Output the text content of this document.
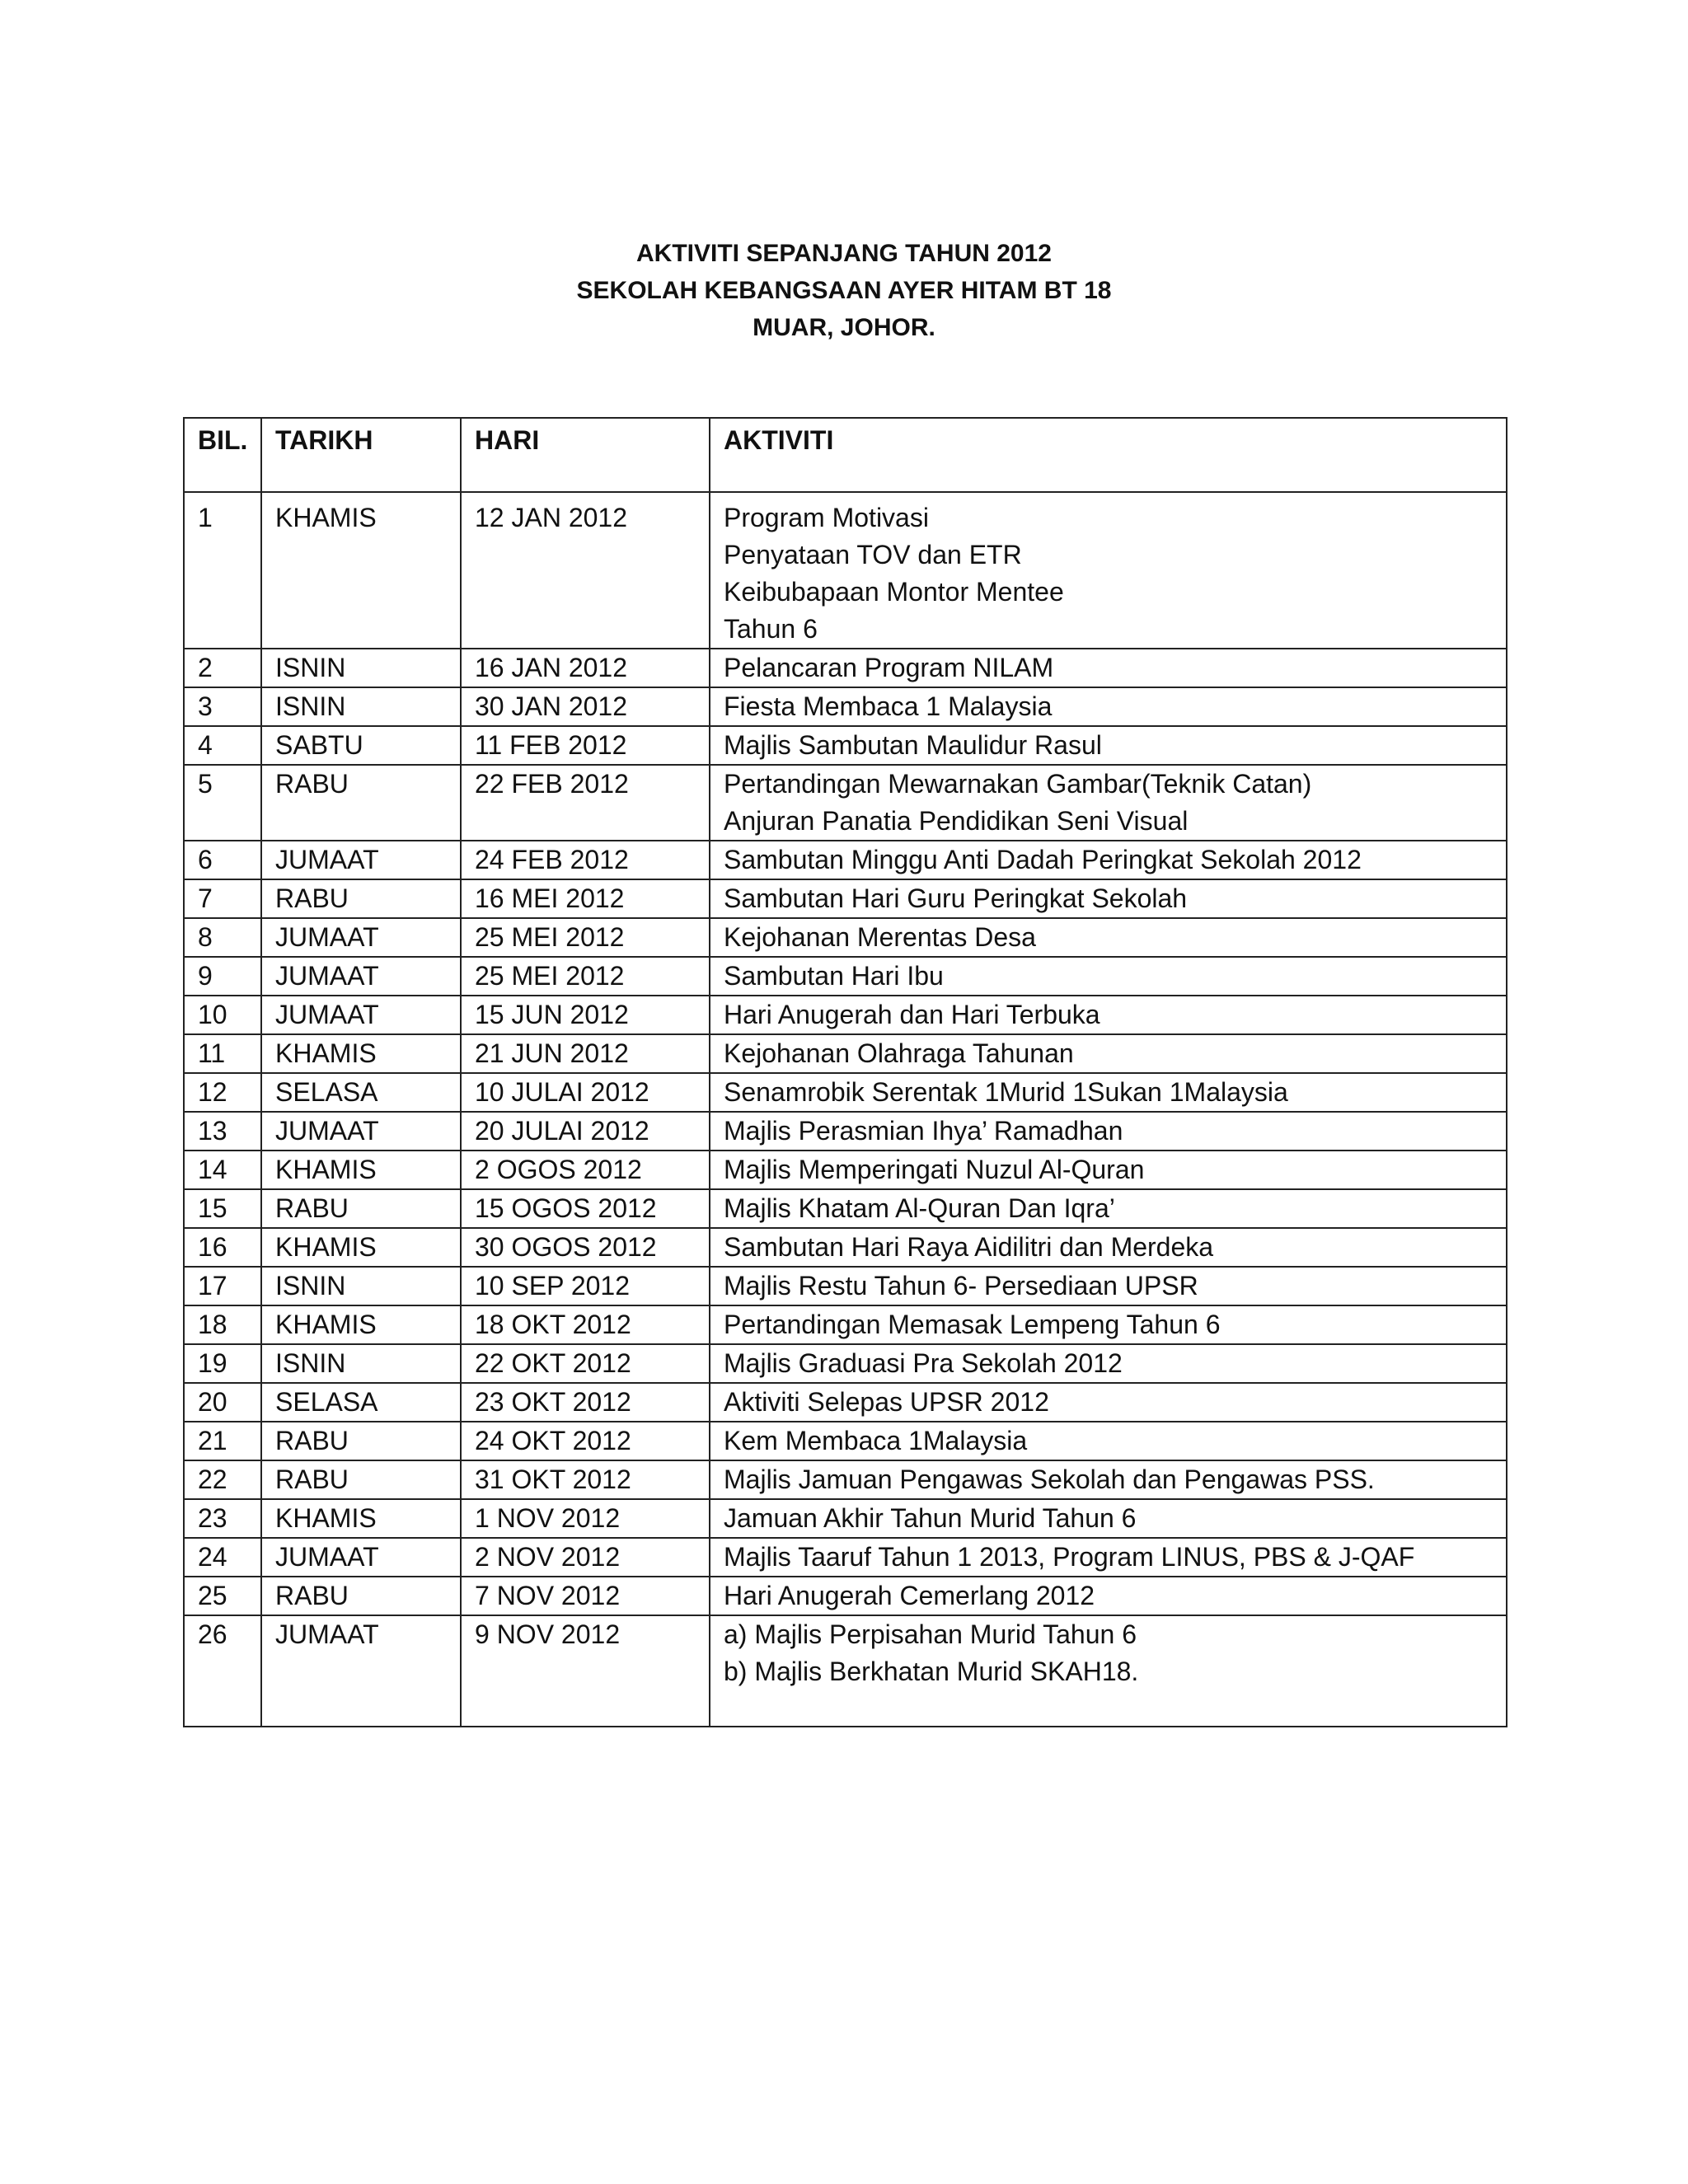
AKTIVITI SEPANJANG TAHUN 2012
SEKOLAH KEBANGSAAN AYER HITAM BT 18
MUAR, JOHOR.
BIL.	TARIKH	HARI	AKTIVITI
1	KHAMIS	12 JAN 2012	Program Motivasi
Penyataan TOV dan ETR
Keibubapaan Montor Mentee
Tahun 6

2	ISNIN	16 JAN 2012	Pelancaran Program NILAM

3	ISNIN	30 JAN 2012	Fiesta Membaca 1 Malaysia

4	SABTU	11 FEB 2012	Majlis Sambutan Maulidur Rasul

5	RABU	22 FEB 2012	Pertandingan Mewarnakan Gambar(Teknik Catan)
Anjuran Panatia Pendidikan Seni Visual

6	JUMAAT	24 FEB 2012	Sambutan Minggu Anti Dadah Peringkat Sekolah 2012

7	RABU	16 MEI 2012	Sambutan Hari Guru Peringkat Sekolah

8	JUMAAT	25 MEI 2012	Kejohanan Merentas Desa

9	JUMAAT	25 MEI 2012	Sambutan Hari Ibu

10	JUMAAT	15 JUN 2012	Hari Anugerah dan Hari Terbuka

11	KHAMIS	21 JUN 2012	Kejohanan Olahraga Tahunan

12	SELASA	10 JULAI 2012	Senamrobik Serentak 1Murid 1Sukan 1Malaysia

13	JUMAAT	20 JULAI 2012	Majlis Perasmian Ihya’ Ramadhan

14	KHAMIS	2 OGOS 2012	Majlis Memperingati Nuzul Al-Quran

15	RABU	15 OGOS 2012	Majlis Khatam Al-Quran Dan Iqra’

16	KHAMIS	30 OGOS 2012	Sambutan Hari Raya Aidilitri dan Merdeka

17	ISNIN	10 SEP 2012	Majlis Restu Tahun 6- Persediaan UPSR

18	KHAMIS	18 OKT 2012	Pertandingan Memasak Lempeng Tahun 6

19	ISNIN	22 OKT 2012	Majlis Graduasi Pra Sekolah 2012

20	SELASA	23 OKT 2012	Aktiviti Selepas UPSR 2012

21	RABU	24 OKT 2012	Kem Membaca 1Malaysia

22	RABU	31 OKT 2012	Majlis Jamuan Pengawas Sekolah dan Pengawas PSS.

23	KHAMIS	1 NOV 2012	Jamuan Akhir Tahun Murid Tahun 6

24	JUMAAT	2 NOV 2012	Majlis Taaruf Tahun 1 2013, Program LINUS, PBS & J-QAF

25	RABU	7 NOV 2012	Hari Anugerah Cemerlang 2012

26	JUMAAT	9 NOV 2012	a) Majlis Perpisahan Murid Tahun 6
b) Majlis Berkhatan Murid SKAH18.
